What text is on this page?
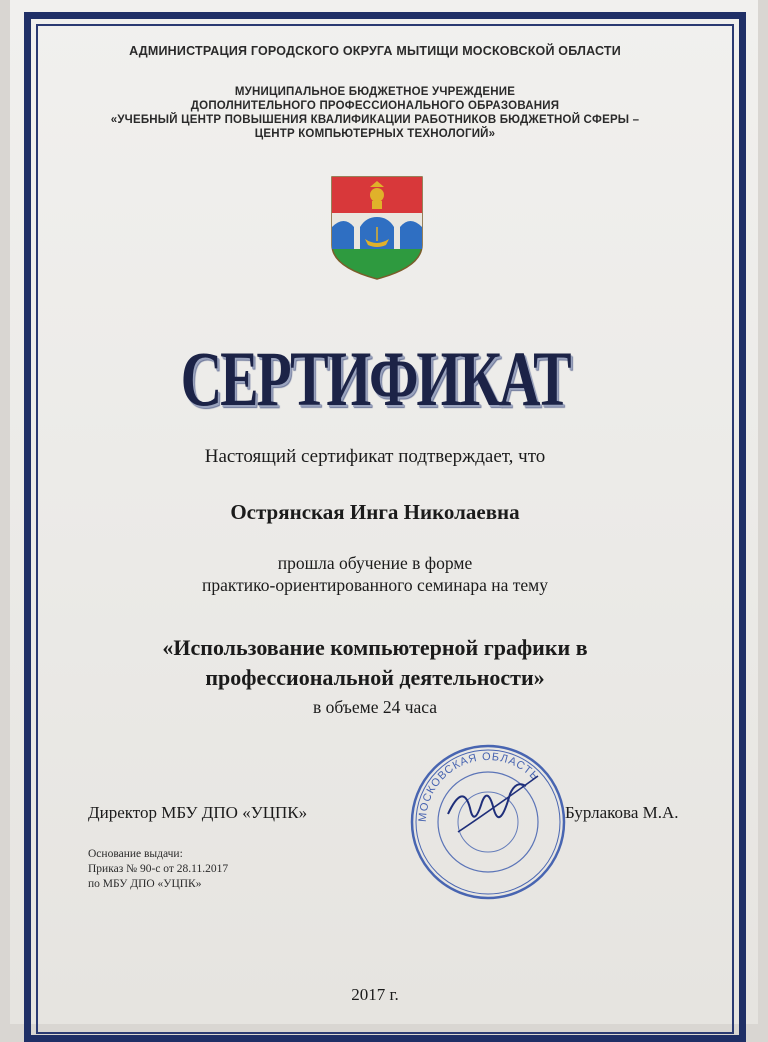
АДМИНИСТРАЦИЯ ГОРОДСКОГО ОКРУГА МЫТИЩИ МОСКОВСКОЙ ОБЛАСТИ
МУНИЦИПАЛЬНОЕ БЮДЖЕТНОЕ УЧРЕЖДЕНИЕ
ДОПОЛНИТЕЛЬНОГО ПРОФЕССИОНАЛЬНОГО ОБРАЗОВАНИЯ
«УЧЕБНЫЙ ЦЕНТР ПОВЫШЕНИЯ КВАЛИФИКАЦИИ РАБОТНИКОВ БЮДЖЕТНОЙ СФЕРЫ –
ЦЕНТР КОМПЬЮТЕРНЫХ ТЕХНОЛОГИЙ»
СЕРТИФИКАТ
Настоящий сертификат подтверждает, что
Острянская Инга Николаевна
прошла обучение в форме
практико-ориентированного семинара на тему
«Использование компьютерной графики в
профессиональной деятельности»
в объеме 24 часа
Директор МБУ ДПО «УЦПК»	МОСКОВСКАЯ ОБЛАСТЬ
Бурлакова М.А.
Основание выдачи:
Приказ № 90-с от 28.11.2017
по МБУ ДПО «УЦПК»
2017 г.
